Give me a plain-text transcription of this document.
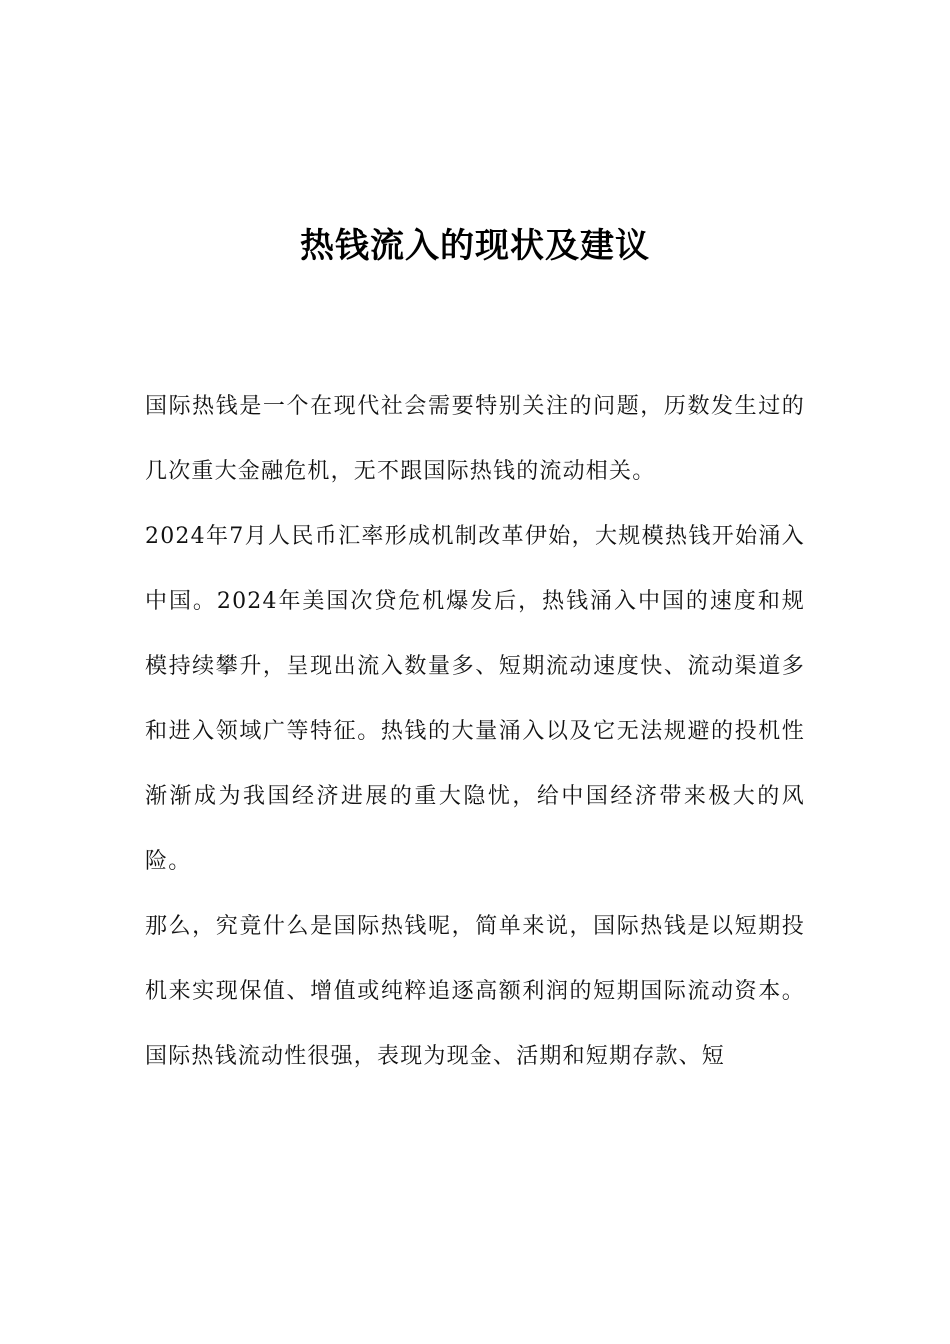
热钱流入的现状及建议

国际热钱是一个在现代社会需要特别关注的问题，历数发生过的几次重大金融危机，无不跟国际热钱的流动相关。

2024年7月人民币汇率形成机制改革伊始，大规模热钱开始涌入中国。2024年美国次贷危机爆发后，热钱涌入中国的速度和规模持续攀升，呈现出流入数量多、短期流动速度快、流动渠道多和进入领域广等特征。热钱的大量涌入以及它无法规避的投机性渐渐成为我国经济进展的重大隐忧，给中国经济带来极大的风险。

那么，究竟什么是国际热钱呢，简单来说，国际热钱是以短期投机来实现保值、增值或纯粹追逐高额利润的短期国际流动资本。国际热钱流动性很强，表现为现金、活期和短期存款、短
